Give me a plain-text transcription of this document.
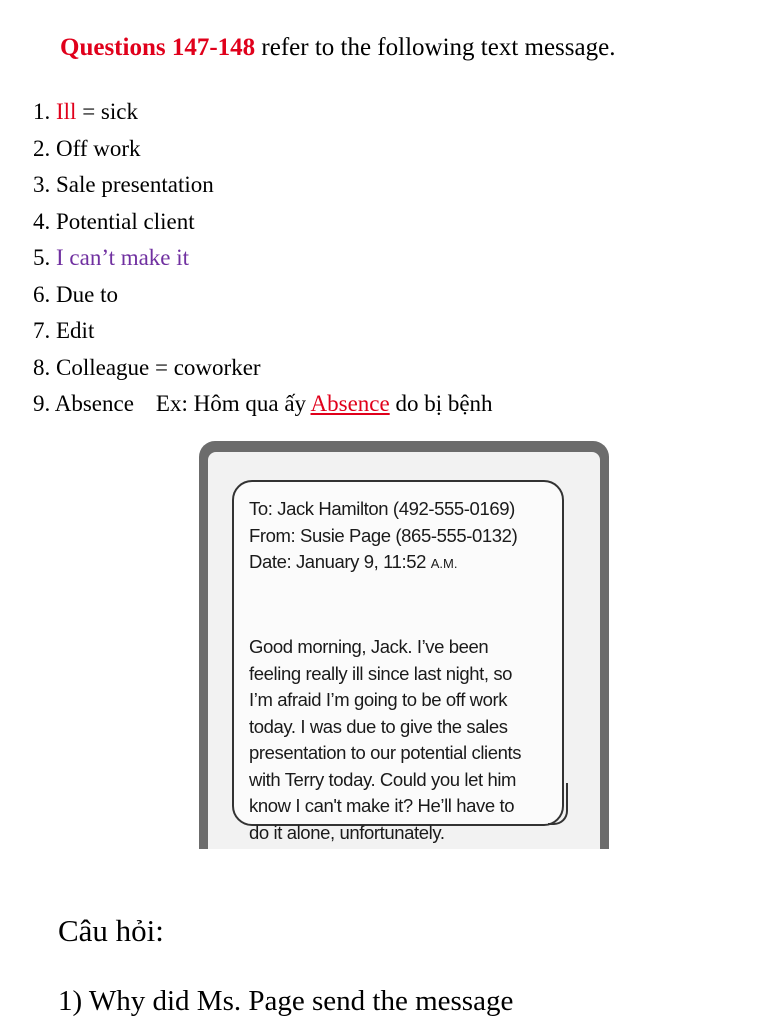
Questions 147-148 refer to the following text message.
1. Ill = sick
2. Off work
3. Sale presentation
4. Potential client
5. I can’t make it
6. Due to
7. Edit
8. Colleague = coworker
9. Absence Ex: Hôm qua ấy Absence do bị bệnh
To: Jack Hamilton (492-555-0169)
From: Susie Page (865-555-0132)
Date: January 9, 11:52 A.M.
Good morning, Jack. I’ve been
feeling really ill since last night, so
I’m afraid I’m going to be off work
today. I was due to give the sales
presentation to our potential clients
with Terry today. Could you let him
know I can't make it? He’ll have to
do it alone, unfortunately.
Câu hỏi:
1) Why did Ms. Page send the message
